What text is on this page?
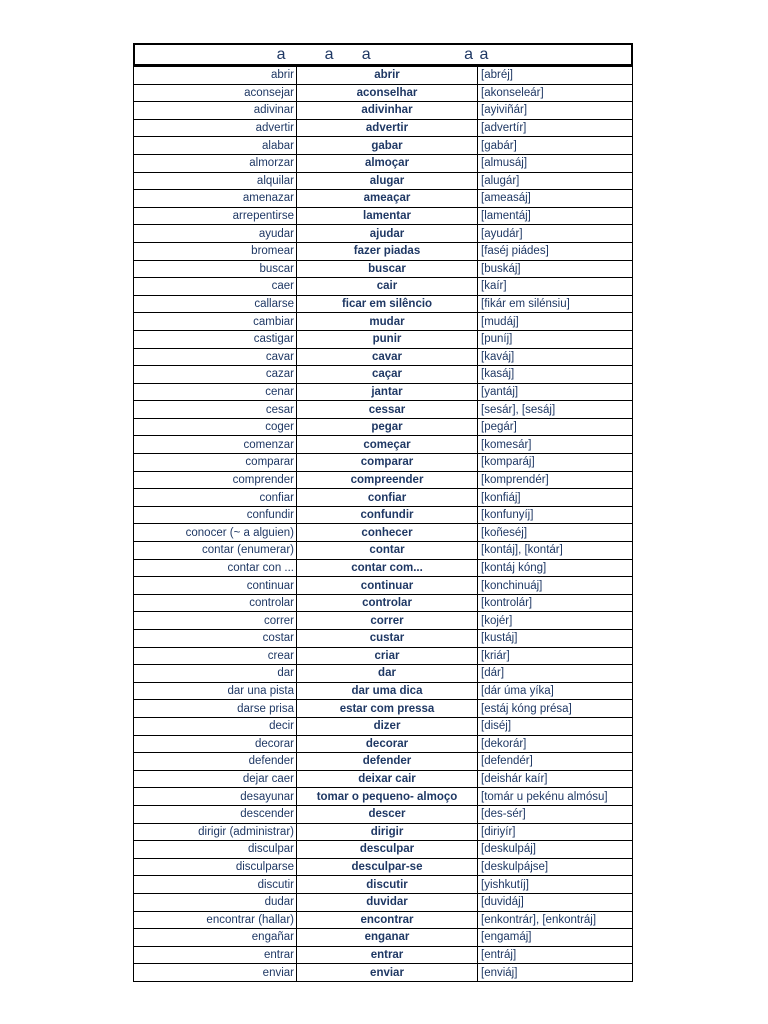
a       a     a                 a a
abrir	abrir	[abréj]
aconsejar	aconselhar	[akonseleár]
adivinar	adivinhar	[ayiviñár]
advertir	advertir	[advertír]
alabar	gabar	[gabár]
almorzar	almoçar	[almusáj]
alquilar	alugar	[alugár]
amenazar	ameaçar	[ameasáj]
arrepentirse	lamentar	[lamentáj]
ayudar	ajudar	[ayudár]
bromear	fazer piadas	[faséj piádes]
buscar	buscar	[buskáj]
caer	cair	[kaír]
callarse	ficar em silêncio	[fikár em silénsiu]
cambiar	mudar	[mudáj]
castigar	punir	[puníj]
cavar	cavar	[kaváj]
cazar	caçar	[kasáj]
cenar	jantar	[yantáj]
cesar	cessar	[sesár], [sesáj]
coger	pegar	[pegár]
comenzar	começar	[komesár]
comparar	comparar	[komparáj]
comprender	compreender	[komprendér]
confiar	confiar	[konfiáj]
confundir	confundir	[konfunyíj]
conocer (~ a alguien)	conhecer	[koñeséj]
contar (enumerar)	contar	[kontáj], [kontár]
contar con ...	contar com...	[kontáj kóng]
continuar	continuar	[konchinuáj]
controlar	controlar	[kontrolár]
correr	correr	[kojér]
costar	custar	[kustáj]
crear	criar	[kriár]
dar	dar	[dár]
dar una pista	dar uma dica	[dár úma yíka]
darse prisa	estar com pressa	[estáj kóng présa]
decir	dizer	[diséj]
decorar	decorar	[dekorár]
defender	defender	[defendér]
dejar caer	deixar cair	[deishár kaír]
desayunar	tomar o pequeno- almoço	[tomár u pekénu almósu]
descender	descer	[des-sér]
dirigir (administrar)	dirigir	[diriyír]
disculpar	desculpar	[deskulpáj]
disculparse	desculpar-se	[deskulpájse]
discutir	discutir	[yishkutíj]
dudar	duvidar	[duvidáj]
encontrar (hallar)	encontrar	[enkontrár], [enkontráj]
engañar	enganar	[engamáj]
entrar	entrar	[entráj]
enviar	enviar	[enviáj]
